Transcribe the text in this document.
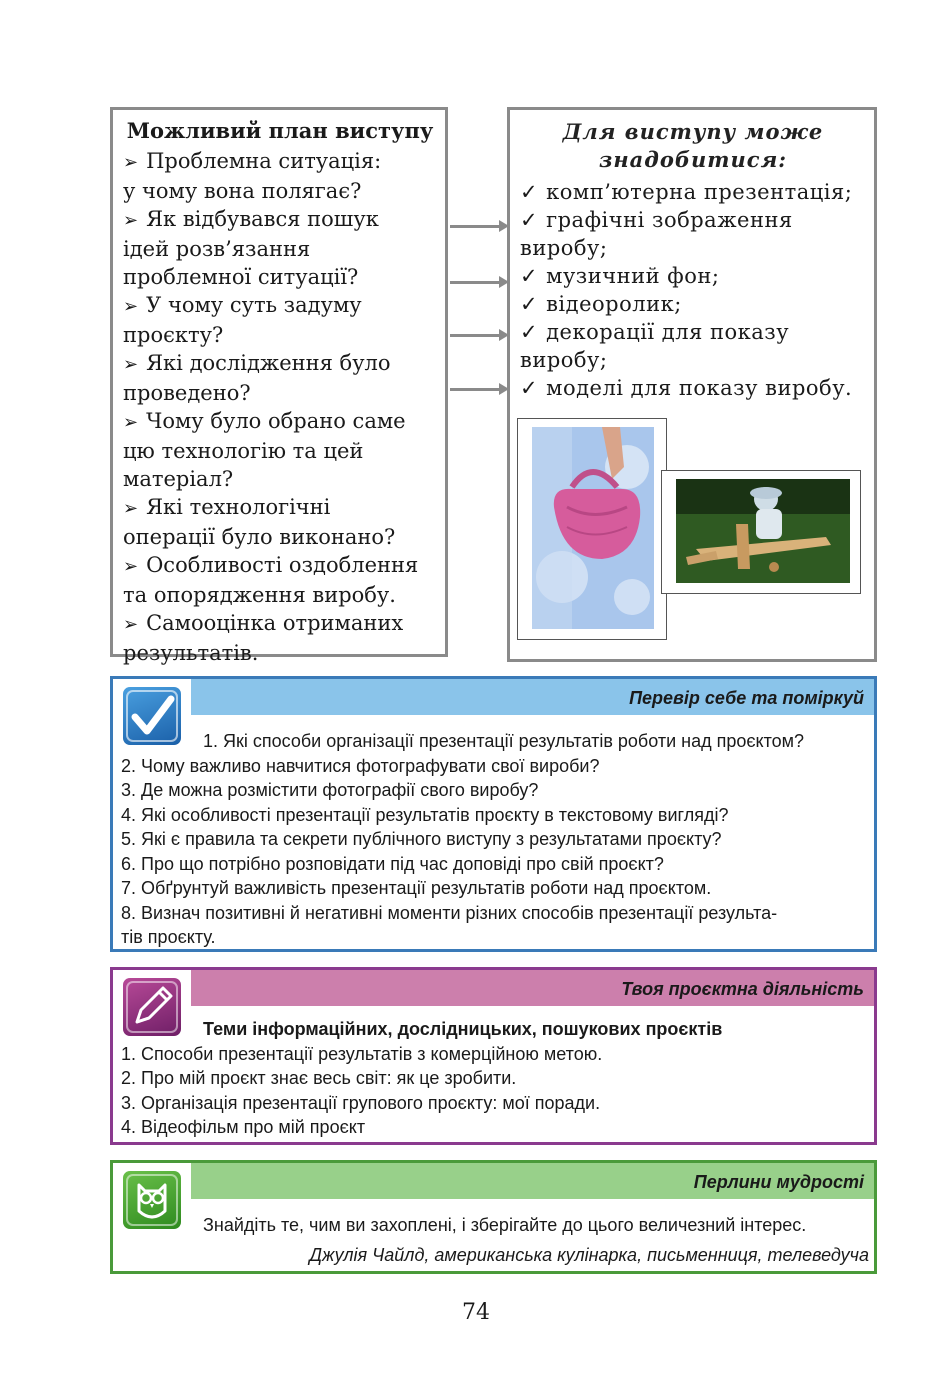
Можливий план виступу
➢ Проблемна ситуація:
у чому вона полягає?
➢ Як відбувався пошук
ідей розв’язання
проблемної ситуації?
➢ У чому суть задуму
проєкту?
➢ Які дослідження було
проведено?
➢ Чому було обрано саме
цю технологію та цей
матеріал?
➢ Які технологічні
операції було виконано?
➢ Особливості оздоблення
та опорядження виробу.
➢ Самооцінка отриманих
результатів.
Для виступу може
знадобитися:
✓ комп’ютерна презентація;
✓ графічні зображення
виробу;
✓ музичний фон;
✓ відеоролик;
✓ декорації для показу
виробу;
✓ моделі для показу виробу.
Перевір себе та поміркуй
1. Які способи організації презентації результатів роботи над проєктом?
2. Чому важливо навчитися фотографувати свої вироби?
3. Де можна розмістити фотографії свого виробу?
4. Які особливості презентації результатів проєкту в текстовому вигляді?
5. Які є правила та секрети публічного виступу з результатами проєкту?
6. Про що потрібно розповідати під час доповіді про свій проєкт?
7. Обґрунтуй важливість презентації результатів роботи над проєктом.
8. Визнач позитивні й негативні моменти різних способів презентації результа-
тів проєкту.
Твоя проєктна діяльність
Теми інформаційних, дослідницьких, пошукових проєктів
1. Способи презентації результатів з комерційною метою.
2. Про мій проєкт знає весь світ: як це зробити.
3. Організація презентації групового проєкту: мої поради.
4. Відеофільм про мій проєкт
Перлини мудрості
Знайдіть те, чим ви захоплені, і зберігайте до цього величезний інтерес.
Джулія Чайлд, американська кулінарка, письменниця, телеведуча
74
